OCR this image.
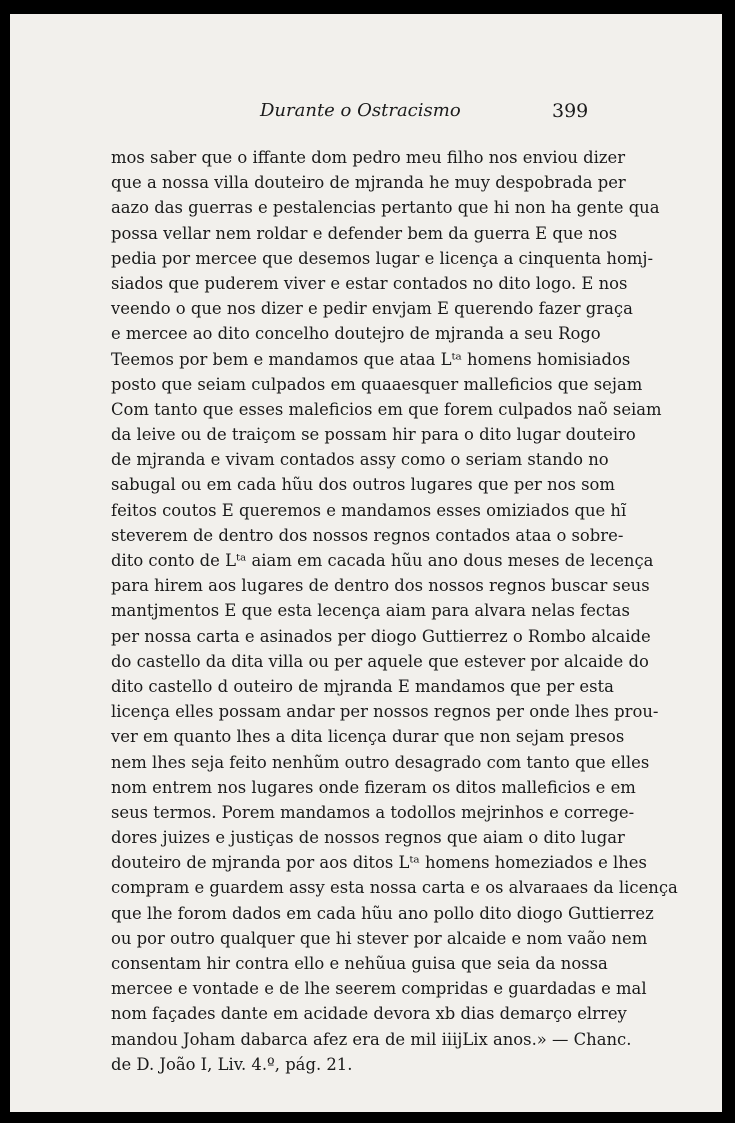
Durante o Ostracismo	399
mos saber que o iffante dom pedro meu filho nos enviou dizer
que a nossa villa douteiro de mjranda he muy despobrada per
aazo das guerras e pestalencias pertanto que hi non ha gente qua
possa vellar nem roldar e defender bem da guerra E que nos
pedia por mercee que desemos lugar e licença a cinquenta homj-
siados que puderem viver e estar contados no dito logo. E nos
veendo o que nos dizer e pedir envjam E querendo fazer graça
e mercee ao dito concelho doutejro de mjranda a seu Rogo
Teemos por bem e mandamos que ataa Lᵗᵃ homens homisiados
posto que seiam culpados em quaaesquer malleficios que sejam
Com tanto que esses maleficios em que forem culpados naõ seiam
da leive ou de traiçom se possam hir para o dito lugar douteiro
de mjranda e vivam contados assy como o seriam stando no
sabugal ou em cada hũu dos outros lugares que per nos som
feitos coutos E queremos e mandamos esses omiziados que hĩ
steverem de dentro dos nossos regnos contados ataa o sobre-
dito conto de Lᵗᵃ aiam em cacada hũu ano dous meses de lecença
para hirem aos lugares de dentro dos nossos regnos buscar seus
mantjmentos E que esta lecença aiam para alvara nelas fectas
per nossa carta e asinados per diogo Guttierrez o Rombo alcaide
do castello da dita villa ou per aquele que estever por alcaide do
dito castello d outeiro de mjranda E mandamos que per esta
licença elles possam andar per nossos regnos per onde lhes prou-
ver em quanto lhes a dita licença durar que non sejam presos
nem lhes seja feito nenhũm outro desagrado com tanto que elles
nom entrem nos lugares onde fizeram os ditos malleficios e em
seus termos. Porem mandamos a todollos mejrinhos e correge-
dores juizes e justiças de nossos regnos que aiam o dito lugar
douteiro de mjranda por aos ditos Lᵗᵃ homens homeziados e lhes
compram e guardem assy esta nossa carta e os alvaraaes da licença
que lhe forom dados em cada hũu ano pollo dito diogo Guttierrez
ou por outro qualquer que hi stever por alcaide e nom vaão nem
consentam hir contra ello e nehũua guisa que seia da nossa
mercee e vontade e de lhe seerem compridas e guardadas e mal
nom façades dante em acidade devora xb dias demarço elrrey
mandou Joham dabarca afez era de mil iiijLix anos.» — Chanc.
de D. João I, Liv. 4.º, pág. 21.
